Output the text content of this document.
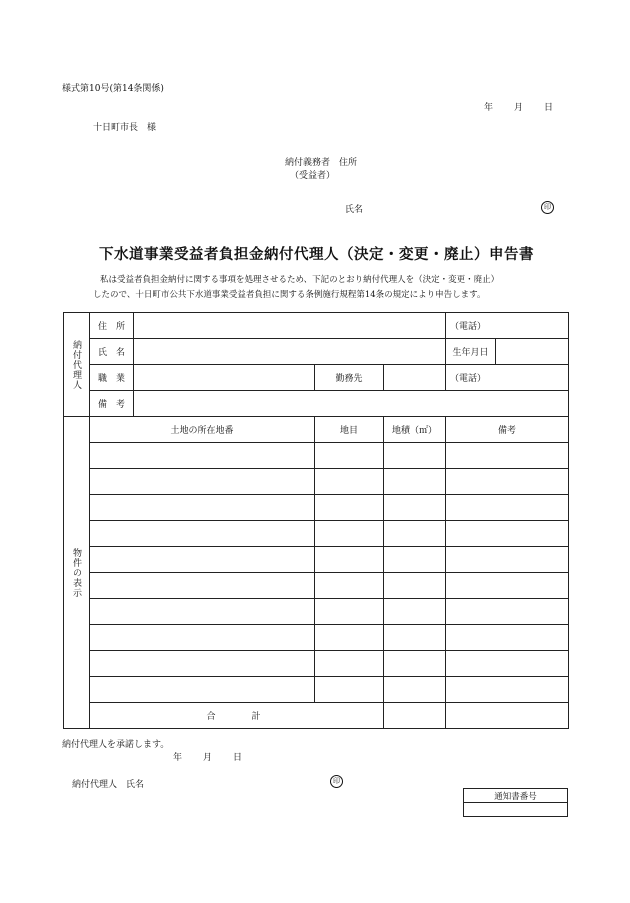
様式第10号(第14条関係)
年　　月　　日
十日町市長　様
納付義務者　住所
（受益者）
氏名	印
下水道事業受益者負担金納付代理人（決定・変更・廃止）申告書
私は受益者負担金納付に関する事項を処理させるため、下記のとおり納付代理人を（決定・変更・廃止）
したので、十日町市公共下水道事業受益者負担に関する条例施行規程第14条の規定により申告します。
納付代理人	住　所				（電話）	
	氏　名				生年月日	
	職　業		勤務先		（電話）	
	備　考					
物件の表示	土地の所在地番		地目	地積（㎡）	備考	

	合　　計					
納付代理人を承諾します。
年　　月　　日
納付代理人　氏名	印
通知書番号
